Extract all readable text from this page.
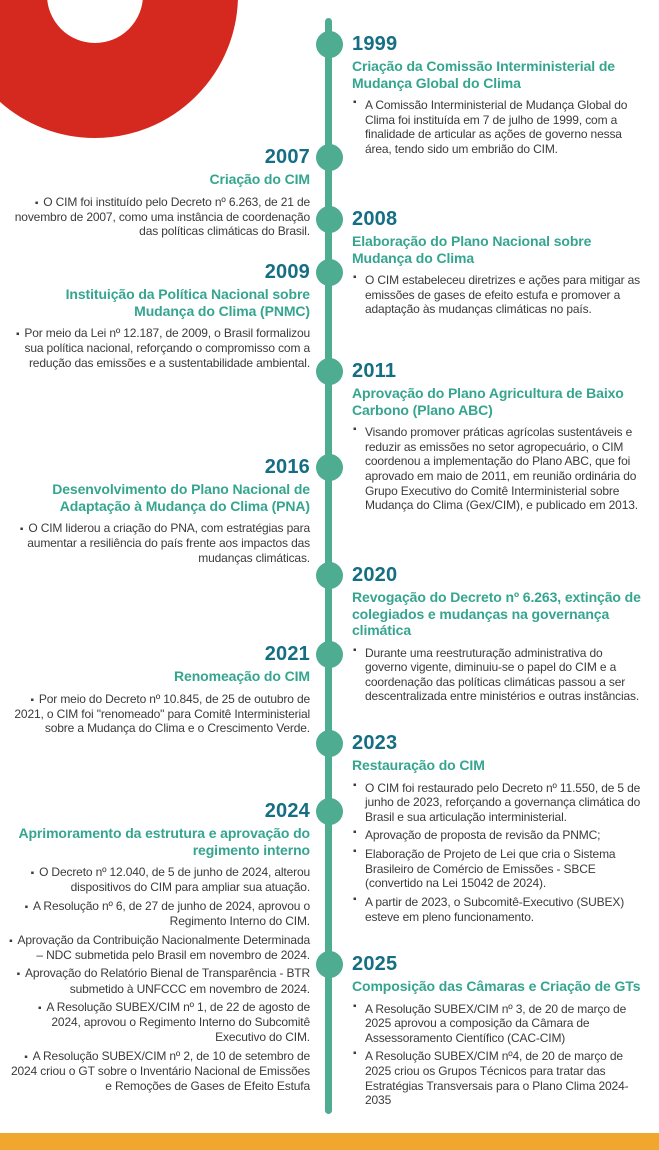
1999
Criação da Comissão Interministerial de Mudança Global do Clima
▪ A Comissão Interministerial de Mudança Global do Clima foi instituída em 7 de julho de 1999, com a finalidade de articular as ações de governo nessa área, tendo sido um embrião do CIM.
2007
Criação do CIM
▪ O CIM foi instituído pelo Decreto nº 6.263, de 21 de novembro de 2007, como uma instância de coordenação das políticas climáticas do Brasil.
2008
Elaboração do Plano Nacional sobre Mudança do Clima
▪ O CIM estabeleceu diretrizes e ações para mitigar as emissões de gases de efeito estufa e promover a adaptação às mudanças climáticas no país.
2009
Instituição da Política Nacional sobre Mudança do Clima (PNMC)
▪ Por meio da Lei nº 12.187, de 2009, o Brasil formalizou sua política nacional, reforçando o compromisso com a redução das emissões e a sustentabilidade ambiental. 2011
Aprovação do Plano Agricultura de Baixo Carbono (Plano ABC)
▪ Visando promover práticas agrícolas sustentáveis e reduzir as emissões no setor agropecuário, o CIM coordenou a implementação do Plano ABC, que foi aprovado em maio de 2011, em reunião ordinária do Grupo Executivo do Comitê Interministerial sobre Mudança do Clima (Gex/CIM), e publicado em 2013.
2016
Desenvolvimento do Plano Nacional de Adaptação à Mudança do Clima (PNA)
▪ O CIM liderou a criação do PNA, com estratégias para aumentar a resiliência do país frente aos impactos das mudanças climáticas.
2020
Revogação do Decreto nº 6.263, extinção de colegiados e mudanças na governança climática
▪ Durante uma reestruturação administrativa do governo vigente, diminuiu-se o papel do CIM e a coordenação das políticas climáticas passou a ser descentralizada entre ministérios e outras instâncias.
2021
Renomeação do CIM
▪ Por meio do Decreto nº 10.845, de 25 de outubro de 2021, o CIM foi "renomeado" para Comitê Interministerial sobre a Mudança do Clima e o Crescimento Verde.
2023
Restauração do CIM
▪ O CIM foi restaurado pelo Decreto nº 11.550, de 5 de junho de 2023, reforçando a governança climática do Brasil e sua articulação interministerial.
▪ Aprovação de proposta de revisão da PNMC;
▪ Elaboração de Projeto de Lei que cria o Sistema Brasileiro de Comércio de Emissões - SBCE (convertido na Lei 15042 de 2024).
▪ A partir de 2023, o Subcomitê-Executivo (SUBEX) esteve em pleno funcionamento.
2024
Aprimoramento da estrutura e aprovação do regimento interno
▪ O Decreto nº 12.040, de 5 de junho de 2024, alterou dispositivos do CIM para ampliar sua atuação.
▪ A Resolução nº 6, de 27 de junho de 2024, aprovou o Regimento Interno do CIM.
▪ Aprovação da Contribuição Nacionalmente Determinada – NDC submetida pelo Brasil em novembro de 2024.
▪ Aprovação do Relatório Bienal de Transparência - BTR submetido à UNFCCC em novembro de 2024.
▪ A Resolução SUBEX/CIM nº 1, de 22 de agosto de 2024, aprovou o Regimento Interno do Subcomitê Executivo do CIM.
▪ A Resolução SUBEX/CIM nº 2, de 10 de setembro de 2024 criou o GT sobre o Inventário Nacional de Emissões e Remoções de Gases de Efeito Estufa
2025
Composição das Câmaras e Criação de GTs
▪ A Resolução SUBEX/CIM nº 3, de 20 de março de 2025 aprovou a composição da Câmara de Assessoramento Científico (CAC-CIM)
▪ A Resolução SUBEX/CIM nº4, de 20 de março de 2025 criou os Grupos Técnicos para tratar das Estratégias Transversais para o Plano Clima 2024-2035
